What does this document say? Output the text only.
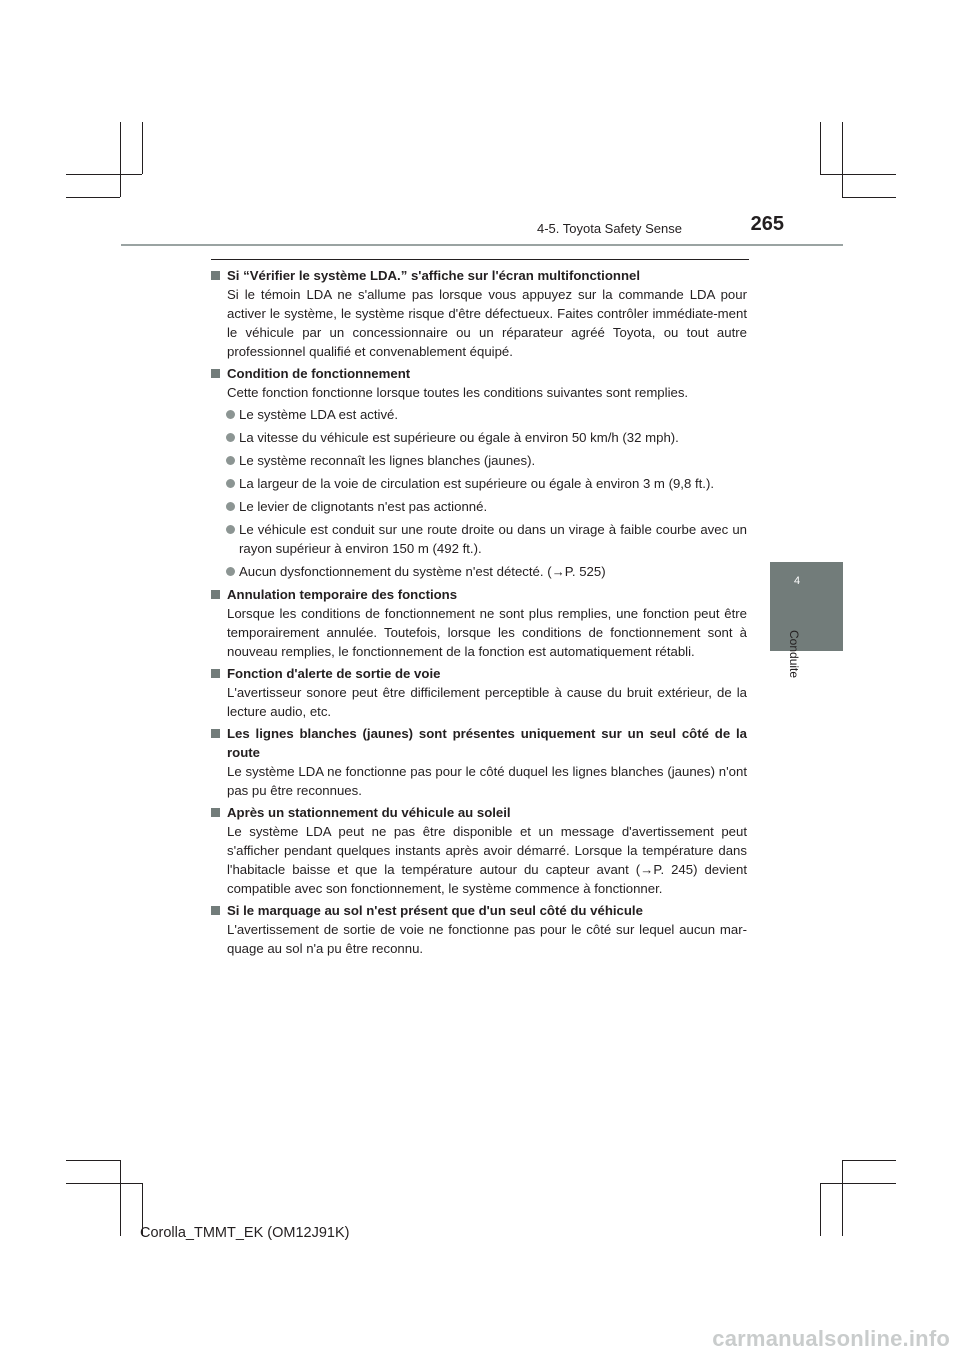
4-5. Toyota Safety Sense	265
4
Conduite
Si “Vérifier le système LDA.” s'affiche sur l'écran multifonctionnel
Si le témoin LDA ne s'allume pas lorsque vous appuyez sur la commande LDA pour activer le système, le système risque d'être défectueux. Faites contrôler immédiate-ment le véhicule par un concessionnaire ou un réparateur agréé Toyota, ou tout autre professionnel qualifié et convenablement équipé.
Condition de fonctionnement
Cette fonction fonctionne lorsque toutes les conditions suivantes sont remplies.
Le système LDA est activé.
La vitesse du véhicule est supérieure ou égale à environ 50 km/h (32 mph).
Le système reconnaît les lignes blanches (jaunes).
La largeur de la voie de circulation est supérieure ou égale à environ 3 m (9,8 ft.).
Le levier de clignotants n'est pas actionné.
Le véhicule est conduit sur une route droite ou dans un virage à faible courbe avec un rayon supérieur à environ 150 m (492 ft.).
Aucun dysfonctionnement du système n'est détecté. (→P. 525)
Annulation temporaire des fonctions
Lorsque les conditions de fonctionnement ne sont plus remplies, une fonction peut être temporairement annulée. Toutefois, lorsque les conditions de fonctionnement sont à nouveau remplies, le fonctionnement de la fonction est automatiquement rétabli.
Fonction d'alerte de sortie de voie
L'avertisseur sonore peut être difficilement perceptible à cause du bruit extérieur, de la lecture audio, etc.
Les lignes blanches (jaunes) sont présentes uniquement sur un seul côté de la route
Le système LDA ne fonctionne pas pour le côté duquel les lignes blanches (jaunes) n'ont pas pu être reconnues.
Après un stationnement du véhicule au soleil
Le système LDA peut ne pas être disponible et un message d'avertissement peut s'afficher pendant quelques instants après avoir démarré. Lorsque la température dans l'habitacle baisse et que la température autour du capteur avant (→P. 245) devient compatible avec son fonctionnement, le système commence à fonctionner.
Si le marquage au sol n'est présent que d'un seul côté du véhicule
L'avertissement de sortie de voie ne fonctionne pas pour le côté sur lequel aucun mar-quage au sol n'a pu être reconnu.
Corolla_TMMT_EK (OM12J91K)
carmanualsonline.info
